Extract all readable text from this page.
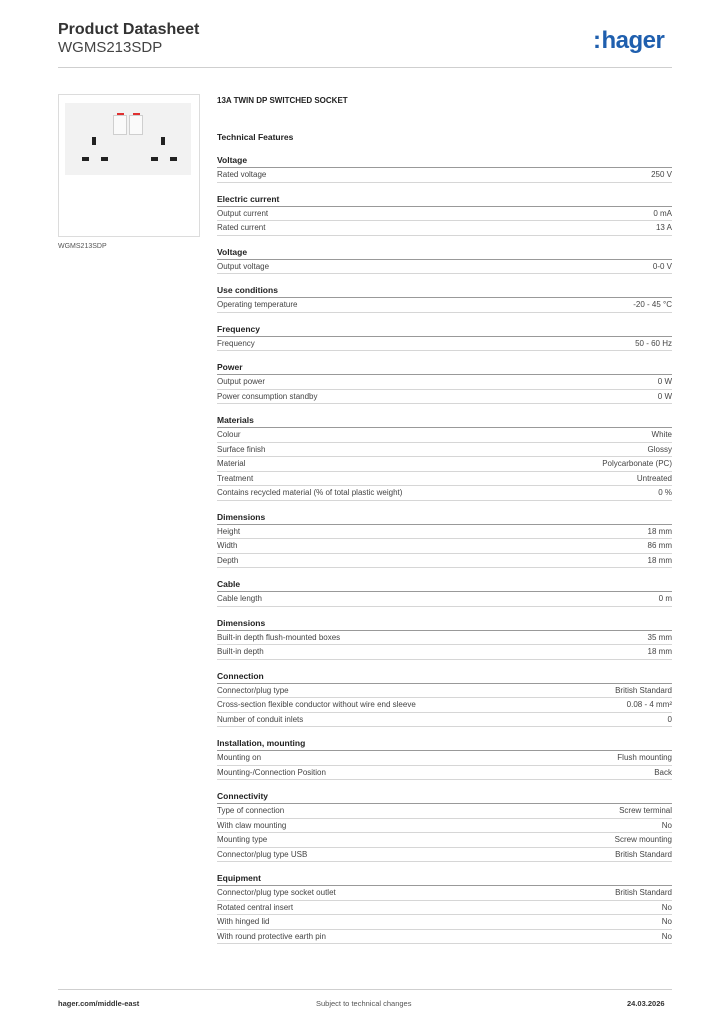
Product Datasheet
WGMS213SDP	:hager
WGMS213SDP
13A TWIN DP SWITCHED SOCKET
Technical Features
Voltage
Rated voltage	250 V
Electric current
Output current	0 mA
Rated current	13 A
Voltage
Output voltage	0-0 V
Use conditions
Operating temperature	-20 - 45 °C
Frequency
Frequency	50 - 60 Hz
Power
Output power	0 W
Power consumption standby	0 W
Materials
Colour	White
Surface finish	Glossy
Material	Polycarbonate (PC)
Treatment	Untreated
Contains recycled material (% of total plastic weight)	0 %
Dimensions
Height	18 mm
Width	86 mm
Depth	18 mm
Cable
Cable length	0 m
Dimensions
Built-in depth flush-mounted boxes	35 mm
Built-in depth	18 mm
Connection
Connector/plug type	British Standard
Cross-section flexible conductor without wire end sleeve	0.08 - 4 mm²
Number of conduit inlets	0
Installation, mounting
Mounting on	Flush mounting
Mounting-/Connection Position	Back
Connectivity
Type of connection	Screw terminal
With claw mounting	No
Mounting type	Screw mounting
Connector/plug type USB	British Standard
Equipment
Connector/plug type socket outlet	British Standard
Rotated central insert	No
With hinged lid	No
With round protective earth pin	No
hager.com/middle-east	Subject to technical changes	24.03.2026
